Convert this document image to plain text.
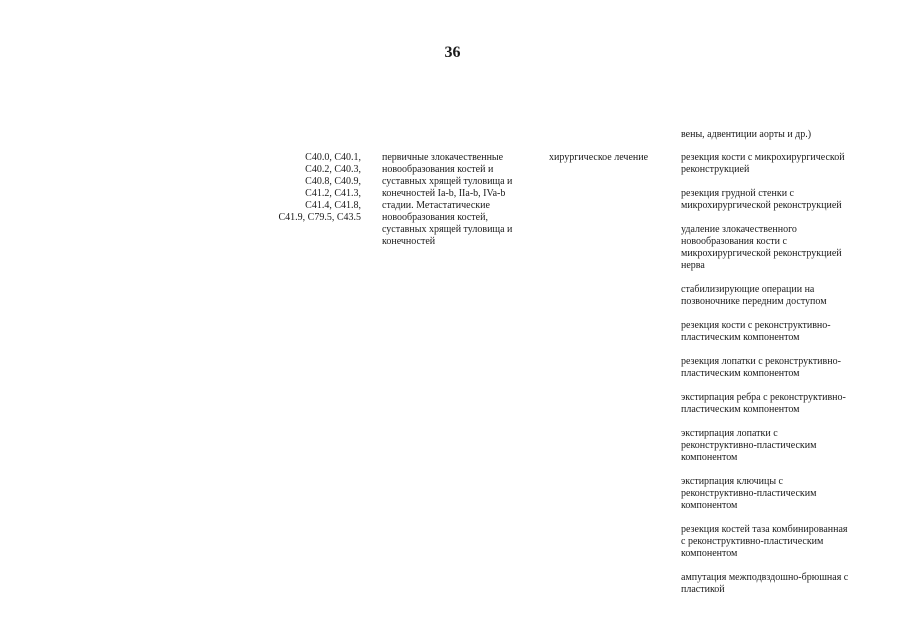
36
вены, адвентиции аорты и др.)
C40.0, C40.1,
C40.2, C40.3,
C40.8, C40.9,
C41.2, C41.3,
C41.4, C41.8,
C41.9, C79.5, C43.5
первичные злокачественные
новообразования костей и
суставных хрящей туловища и
конечностей Ia-b, IIa-b, IVa-b
стадии. Метастатические
новообразования костей,
суставных хрящей туловища и
конечностей
хирургическое лечение	резекция кости с микрохирургической
реконструкцией
резекция грудной стенки с
микрохирургической реконструкцией
удаление злокачественного
новообразования кости с
микрохирургической реконструкцией
нерва
стабилизирующие операции на
позвоночнике передним доступом
резекция кости с реконструктивно-
пластическим компонентом
резекция лопатки с реконструктивно-
пластическим компонентом
экстирпация ребра с реконструктивно-
пластическим компонентом
экстирпация лопатки с
реконструктивно-пластическим
компонентом
экстирпация ключицы с
реконструктивно-пластическим
компонентом
резекция костей таза комбинированная
с реконструктивно-пластическим
компонентом
ампутация межподвздошно-брюшная с
пластикой
